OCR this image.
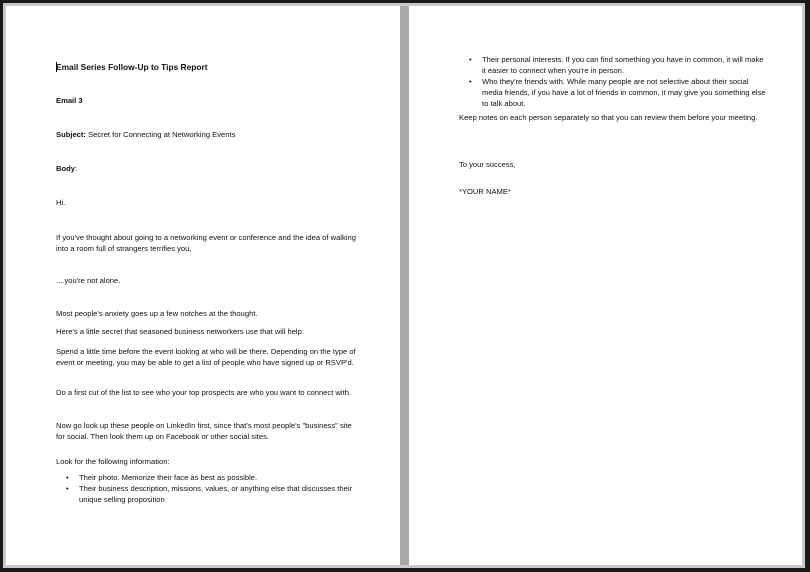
Email Series Follow-Up to Tips Report

Email 3

Subject: Secret for Connecting at Networking Events

Body:

Hi.

If you've thought about going to a networking event or conference and the idea of walking into a room full of strangers terrifies you,

....you're not alone.

Most people's anxiety goes up a few notches at the thought.

Here's a little secret that seasoned business networkers use that will help:

Spend a little time before the event looking at who will be there. Depending on the type of event or meeting, you may be able to get a list of people who have signed up or RSVP'd.

Do a first cut of the list to see who your top prospects are who you want to connect with.

Now go look up these people on LinkedIn first, since that's most people's "business" site for social. Then look them up on Facebook or other social sites.

Look for the following information:

• Their photo. Memorize their face as best as possible.
• Their business description, missions, values, or anything else that discusses their unique selling proposition
• Their personal interests. If you can find something you have in common, it will make it easier to connect when you're in person.
• Who they're friends with. While many people are not selective about their social media friends, if you have a lot of friends in common, it may give you something else to talk about.

Keep notes on each person separately so that you can review them before your meeting.

To your success,

*YOUR NAME*
